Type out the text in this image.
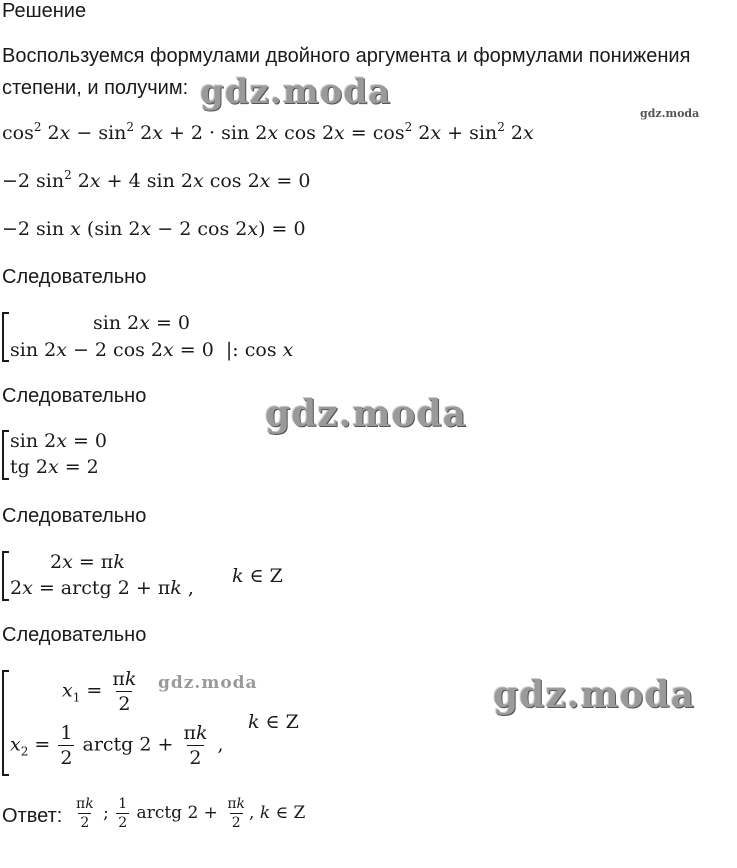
Решение
Воспользуемся формулами двойного аргумента и формулами понижения
степени, и получим:
$\cos^2 2x - \sin^2 2x + 2 \cdot \sin 2x$ $\cos 2x = \cos^2 2x + \sin^2 2x$
−2 $\sin^2 2x + 4$ sin 2x cos 2x = 0
−2 sin x (sin 2x − 2 cos 2x) = 0
Следовательно
sin 2x = 0
sin 2x − 2 cos 2x = 0  |: cos x
Следовательно
sin 2x = 0
tg 2x = 2
Следовательно
2x = πk
2x = arctg 2 + πk ,
k ∈ Z
Следовательно
$x_1 = \frac{\pi k}{2}$
$x_2 = \frac{1}{2}$ arctg $2 + \frac{\pi k}{2}$ ,
k ∈ Z
Ответ: $\frac{\pi k}{2}$ ; $\frac{1}{2}$ arctg $2 + \frac{\pi k}{2}$ , k ∈ Z
gdz.moda
gdz.moda
gdz.moda
gdz.moda	gdz.moda
